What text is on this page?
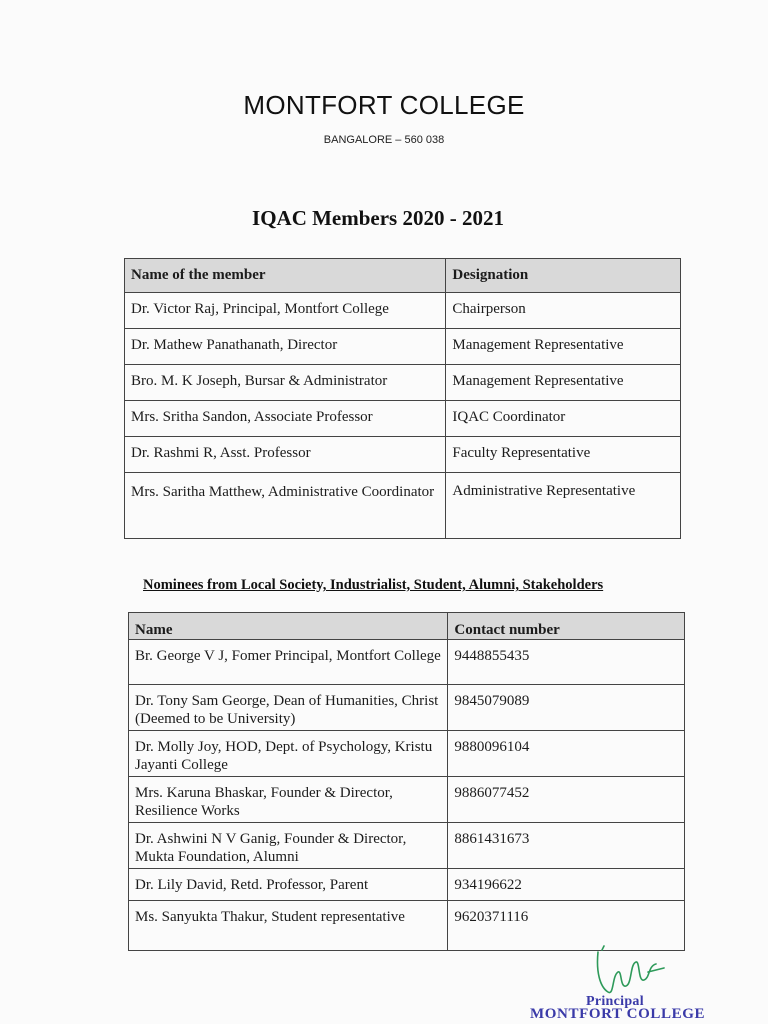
MONTFORT COLLEGE
BANGALORE – 560 038
IQAC Members 2020 - 2021
Name of the member	Designation
Dr. Victor Raj, Principal, Montfort College	Chairperson
Dr. Mathew Panathanath, Director	Management Representative
Bro. M. K Joseph, Bursar & Administrator	Management Representative
Mrs. Sritha Sandon, Associate Professor	IQAC Coordinator
Dr. Rashmi R, Asst. Professor	Faculty Representative
Mrs. Saritha Matthew, Administrative Coordinator	Administrative Representative
Nominees from Local Society, Industrialist, Student, Alumni, Stakeholders
Name	Contact number
Br. George V J, Fomer Principal, Montfort College	9448855435
Dr. Tony Sam George, Dean of Humanities, Christ (Deemed to be University)	9845079089
Dr. Molly Joy, HOD, Dept. of Psychology, Kristu Jayanti College	9880096104
Mrs. Karuna Bhaskar, Founder & Director, Resilience Works	9886077452
Dr. Ashwini N V Ganig, Founder & Director, Mukta Foundation, Alumni	8861431673
Dr. Lily David, Retd. Professor, Parent	934196622
Ms. Sanyukta Thakur, Student representative	9620371116
Principal
MONTFORT COLLEGE
